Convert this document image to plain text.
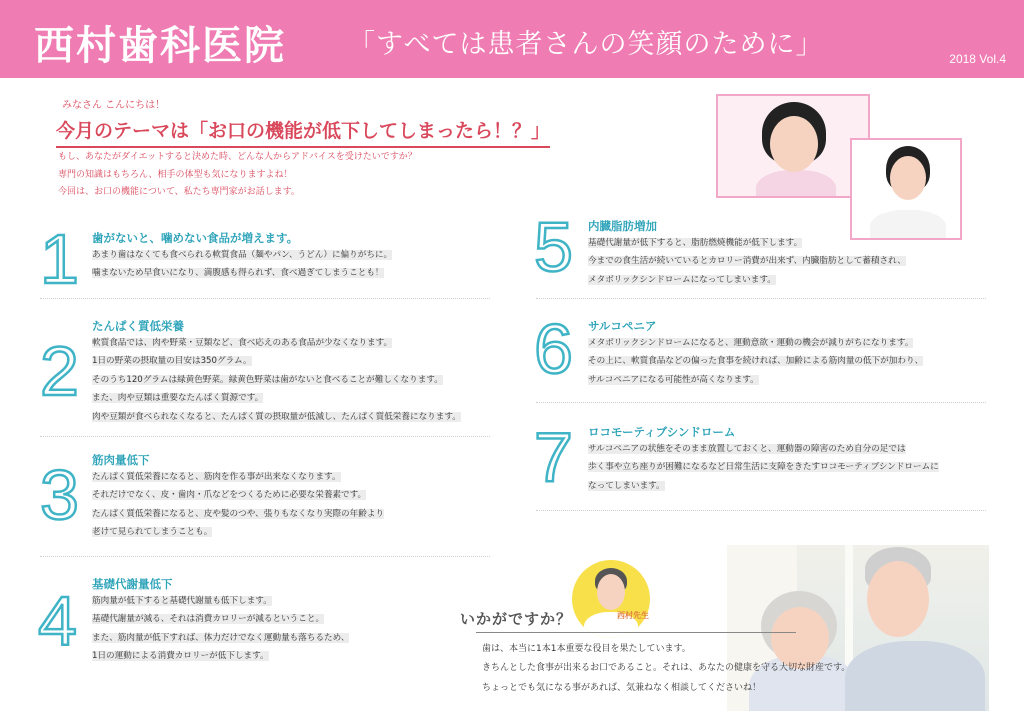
西村歯科医院 「すべては患者さんの笑顔のために」	2018 Vol.4
みなさん こんにちは！
今月のテーマは「お口の機能が低下してしまったら！？」
もし、あなたがダイエットすると決めた時、どんな人からアドバイスを受けたいですか？
専門の知識はもちろん、相手の体型も気になりますよね！
今回は、お口の機能について、私たち専門家がお話します。
1 歯がないと、噛めない食品が増えます。
あまり歯はなくても食べられる軟質食品（麺やパン、うどん）に偏りがちに。
噛まないため早食いになり、満腹感も得られず、食べ過ぎてしまうことも！
2
たんぱく質低栄養
軟質食品では、肉や野菜・豆類など、食べ応えのある食品が少なくなります。
1日の野菜の摂取量の目安は350グラム。
そのうち120グラムは緑黄色野菜。緑黄色野菜は歯がないと食べることが難しくなります。
また、肉や豆類は重要なたんぱく質源です。
肉や豆類が食べられなくなると、たんぱく質の摂取量が低減し、たんぱく質低栄養になります。
3 筋肉量低下
たんぱく質低栄養になると、筋肉を作る事が出来なくなります。
それだけでなく、皮・歯肉・爪などをつくるために必要な栄養素です。
たんぱく質低栄養になると、皮や髪のつや、張りもなくなり実際の年齢より
老けて見られてしまうことも。
4 基礎代謝量低下
筋肉量が低下すると基礎代謝量も低下します。
基礎代謝量が減る、それは消費カロリーが減るということ。
また、筋肉量が低下すれば、体力だけでなく運動量も落ちるため、
1日の運動による消費カロリーが低下します。
5 内臓脂肪増加
基礎代謝量が低下すると、脂肪燃焼機能が低下します。
今までの食生活が続いているとカロリー消費が出来ず、内臓脂肪として蓄積され、
メタボリックシンドロームになってしまいます。
6 サルコペニア
メタボリックシンドロームになると、運動意欲・運動の機会が減りがちになります。
その上に、軟質食品などの偏った食事を続ければ、加齢による筋肉量の低下が加わり、
サルコペニアになる可能性が高くなります。
7 ロコモーティブシンドローム
サルコペニアの状態をそのまま放置しておくと、運動器の障害のため自分の足では
歩く事や立ち座りが困難になるなど日常生活に支障をきたすロコモーティブシンドロームに
なってしまいます。
西村先生
いかがですか？
歯は、本当に1本1本重要な役目を果たしています。
きちんとした食事が出来るお口であること。それは、あなたの健康を守る大切な財産です。
ちょっとでも気になる事があれば、気兼ねなく相談してくださいね！
